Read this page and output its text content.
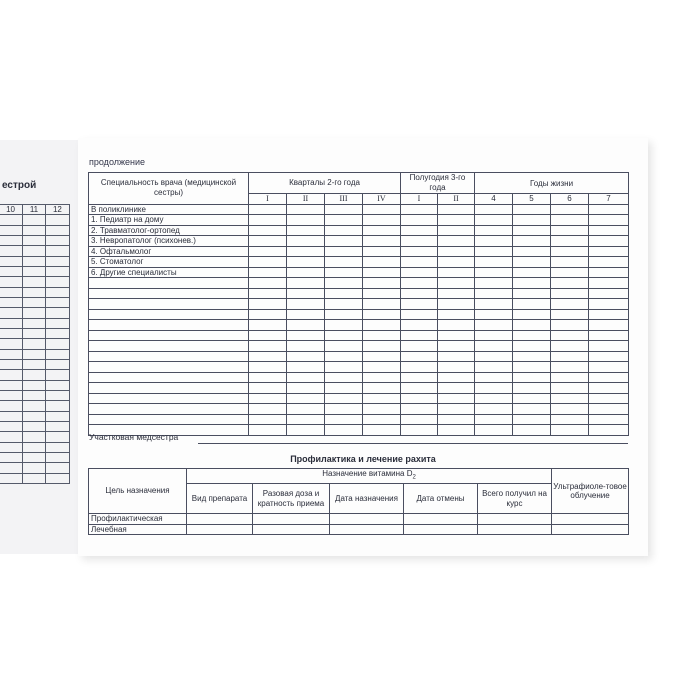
естрой
10	11	12

продолжение
Специальность врача (медицинской сестры)	Кварталы 2-го года				Полугодия 3-го года		Годы жизни			
	I	II	III	IV	I	II	4	5	6	7
В поликлинике										
1. Педиатр на дому										
2. Травматолог-ортопед										
3. Невропатолог (психонев.)										
4. Офтальмолог										
5. Стоматолог										
6. Другие специалисты										

Участковая медсестра
Профилактика и лечение рахита
Цель назначения	Назначение витамина $D_2$					Ультрафиоле-товое облучение
	Вид препарата	Разовая доза и кратность приема	Дата назначения	Дата отмены	Всего получил на курс	
Профилактическая						
Лечебная						
